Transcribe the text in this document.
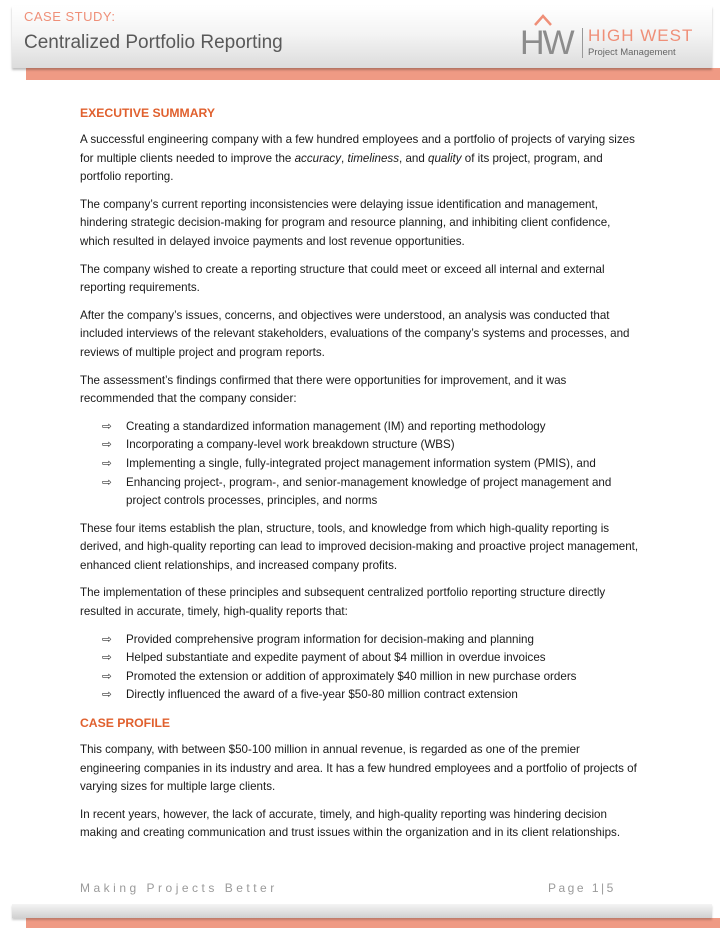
CASE STUDY:
Centralized Portfolio Reporting	HW HIGH WEST
Project Management
EXECUTIVE SUMMARY

A successful engineering company with a few hundred employees and a portfolio of projects of varying sizes for multiple clients needed to improve the accuracy, timeliness, and quality of its project, program, and portfolio reporting.

The company’s current reporting inconsistencies were delaying issue identification and management, hindering strategic decision-making for program and resource planning, and inhibiting client confidence, which resulted in delayed invoice payments and lost revenue opportunities.

The company wished to create a reporting structure that could meet or exceed all internal and external reporting requirements.

After the company’s issues, concerns, and objectives were understood, an analysis was conducted that included interviews of the relevant stakeholders, evaluations of the company’s systems and processes, and reviews of multiple project and program reports.

The assessment’s findings confirmed that there were opportunities for improvement, and it was recommended that the company consider:

⇨ Creating a standardized information management (IM) and reporting methodology
⇨ Incorporating a company-level work breakdown structure (WBS)
⇨ Implementing a single, fully-integrated project management information system (PMIS), and
⇨ Enhancing project-, program-, and senior-management knowledge of project management and project controls processes, principles, and norms

These four items establish the plan, structure, tools, and knowledge from which high-quality reporting is derived, and high-quality reporting can lead to improved decision-making and proactive project management, enhanced client relationships, and increased company profits.

The implementation of these principles and subsequent centralized portfolio reporting structure directly resulted in accurate, timely, high-quality reports that:

⇨ Provided comprehensive program information for decision-making and planning
⇨ Helped substantiate and expedite payment of about $4 million in overdue invoices
⇨ Promoted the extension or addition of approximately $40 million in new purchase orders
⇨ Directly influenced the award of a five-year $50-80 million contract extension
CASE PROFILE

This company, with between $50-100 million in annual revenue, is regarded as one of the premier engineering companies in its industry and area. It has a few hundred employees and a portfolio of projects of varying sizes for multiple large clients.

In recent years, however, the lack of accurate, timely, and high-quality reporting was hindering decision making and creating communication and trust issues within the organization and in its client relationships.

Making Projects Better	Page 1|5
